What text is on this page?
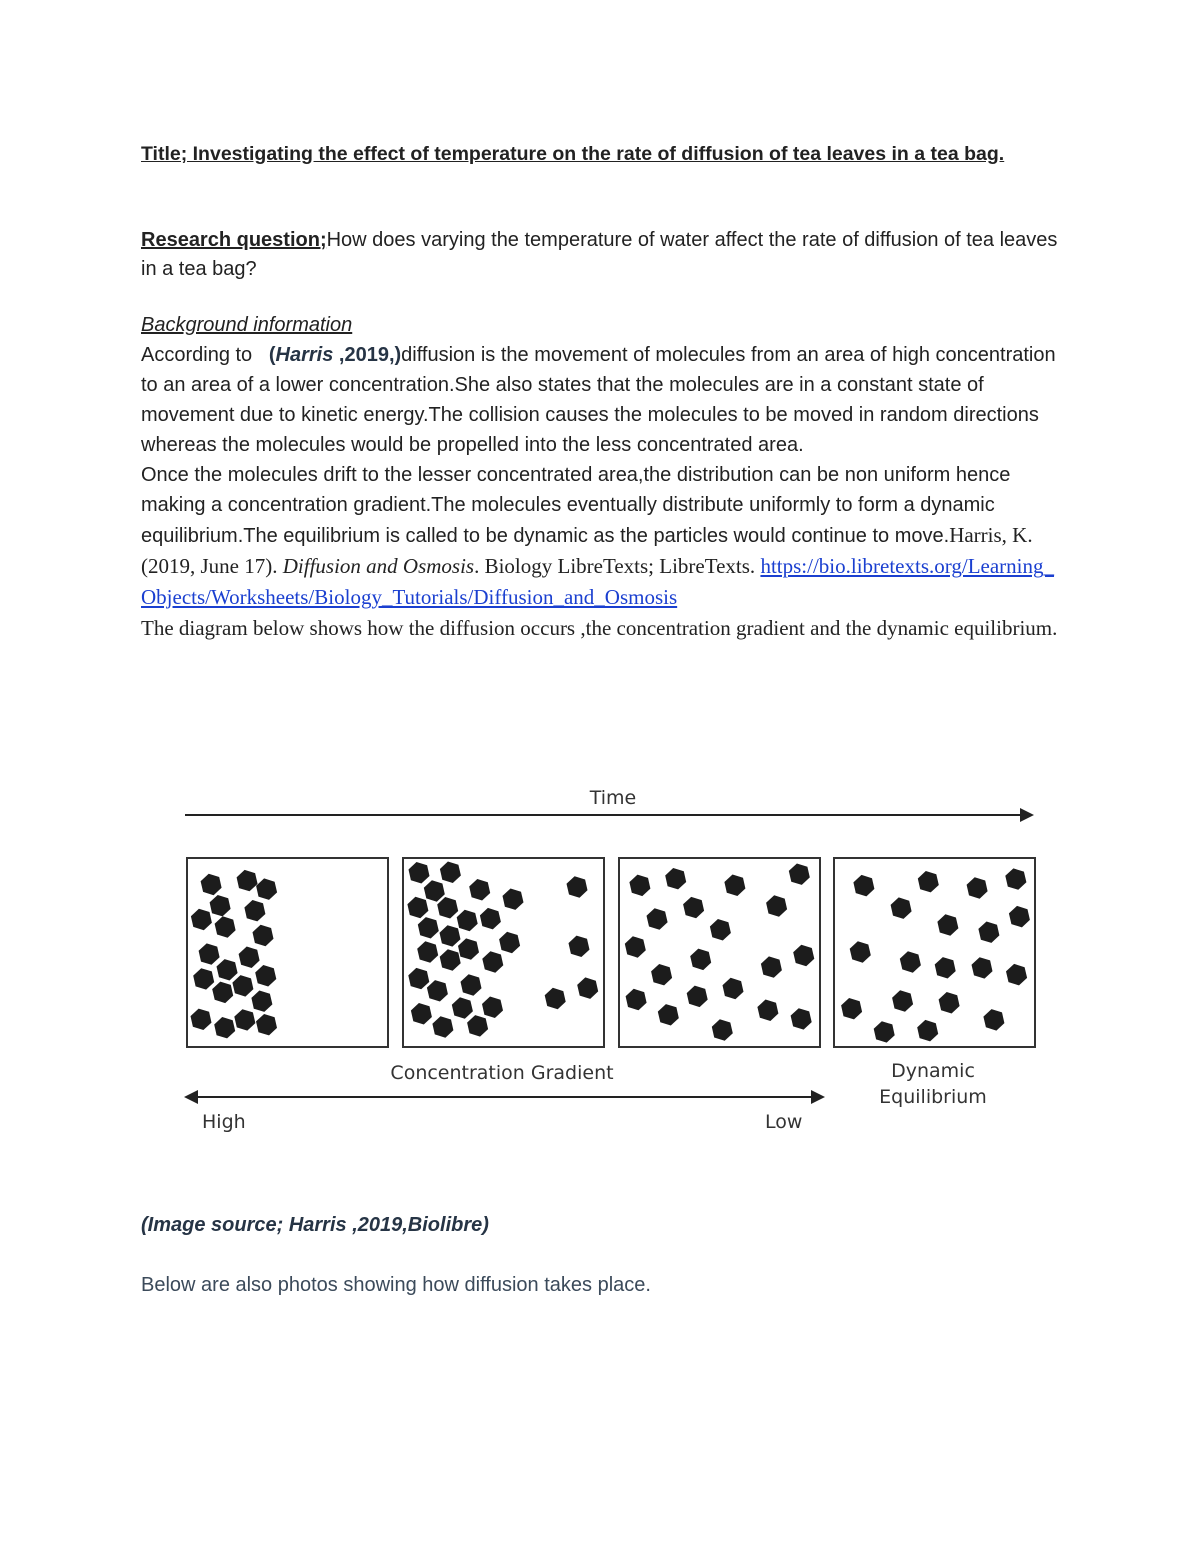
Title; Investigating the effect of temperature on the rate of diffusion of tea leaves in a tea bag.
Research question;How does varying the temperature of water affect the rate of diffusion of tea leaves in a tea bag?
Background information
According to   (Harris ,2019,)diffusion is the movement of molecules from an area of high concentration to an area of a lower concentration.She also states that the molecules are in a constant state of movement due to kinetic energy.The collision causes the molecules to be moved in random directions whereas the molecules would be propelled into the less concentrated area.
Once the molecules drift to the lesser concentrated area,the distribution can be non uniform hence making a concentration gradient.The molecules eventually distribute uniformly to form a dynamic equilibrium.The equilibrium is called to be dynamic as the particles would continue to move.Harris, K. (2019, June 17). Diffusion and Osmosis. Biology LibreTexts; LibreTexts. https://bio.libretexts.org/Learning_Objects/Worksheets/Biology_Tutorials/Diffusion_and_Osmosis
The diagram below shows how the diffusion occurs ,the concentration gradient and the dynamic equilibrium.
Time
Concentration Gradient
High	Low
Dynamic
Equilibrium
(Image source; Harris ,2019,Biolibre)
Below are also photos showing how diffusion takes place.
